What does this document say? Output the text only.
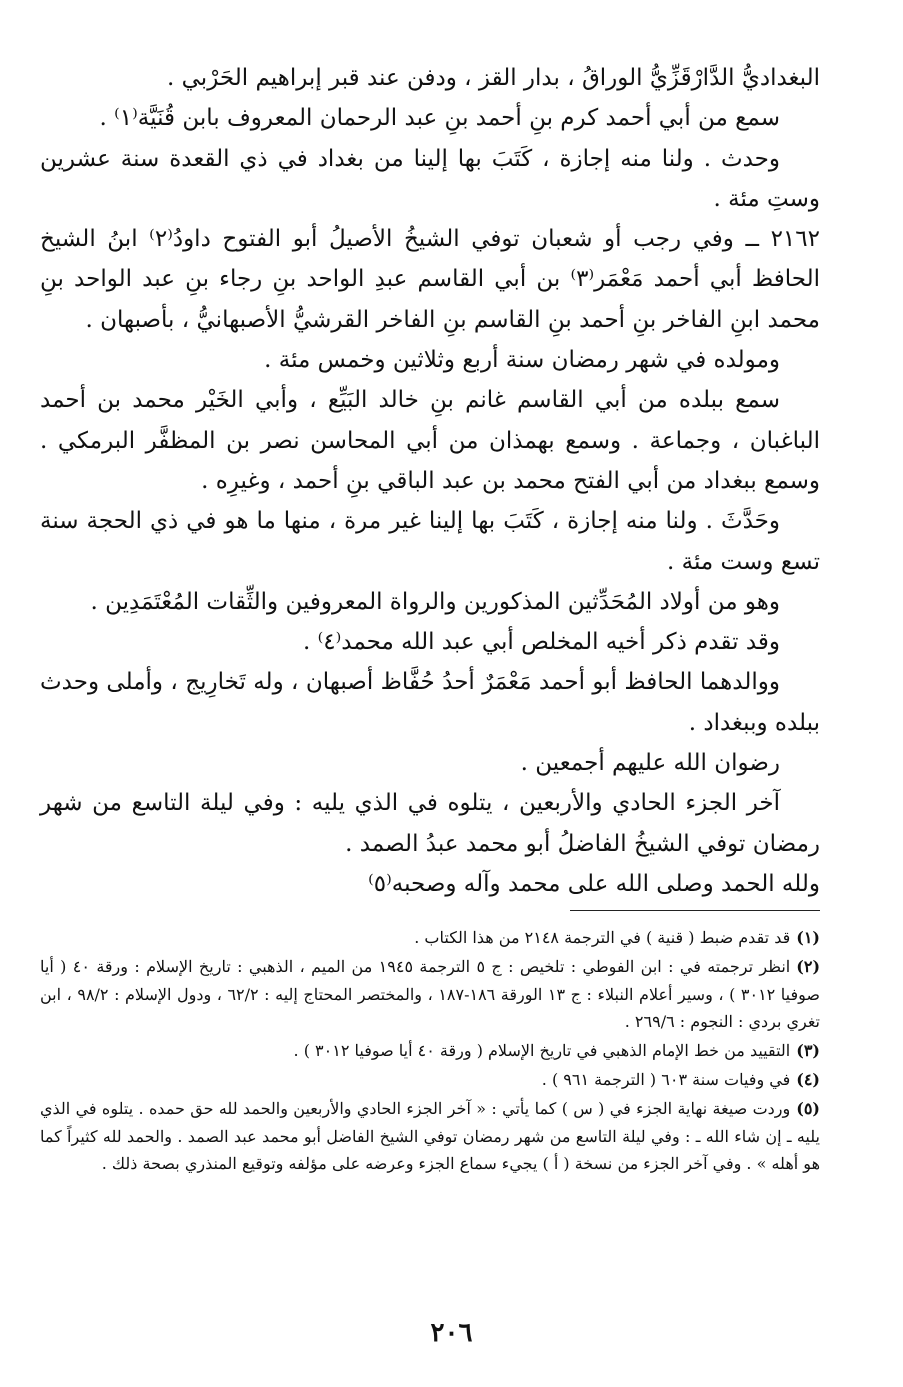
البغداديُّ الدَّارْقَزِّيُّ الوراقُ ، بدار القز ، ودفن عند قبر إبراهيم الحَرْبي .

سمع من أبي أحمد كرم بنِ أحمد بنِ عبد الرحمان المعروف بابن قُنَيَّة⁽١⁾ .

وحدث . ولنا منه إجازة ، كَتَبَ بها إلينا من بغداد في ذي القعدة سنة عشرين وستِ مئة .

٢١٦٢ ــ وفي رجب أو شعبان توفي الشيخُ الأصيلُ أبو الفتوح داودُ⁽٢⁾ ابنُ الشيخ الحافظ أبي أحمد مَعْمَر⁽٣⁾ بن أبي القاسم عبدِ الواحد بنِ رجاء بنِ عبد الواحد بنِ محمد ابنِ الفاخر بنِ أحمد بنِ القاسم بنِ الفاخر القرشيُّ الأصبهانيُّ ، بأصبهان .

ومولده في شهر رمضان سنة أربع وثلاثين وخمس مئة .

سمع ببلده من أبي القاسم غانم بنِ خالد البَيِّع ، وأبي الخَيْر محمد بن أحمد الباغبان ، وجماعة . وسمع بهمذان من أبي المحاسن نصر بن المظفَّر البرمكي . وسمع ببغداد من أبي الفتح محمد بن عبد الباقي بنِ أحمد ، وغيرِه .

وحَدَّثَ . ولنا منه إجازة ، كَتَبَ بها إلينا غير مرة ، منها ما هو في ذي الحجة سنة تسع وست مئة .

وهو من أولاد المُحَدِّثين المذكورين والرواة المعروفين والثِّقات المُعْتَمَدِين .

وقد تقدم ذكر أخيه المخلص أبي عبد الله محمد⁽٤⁾ .

ووالدهما الحافظ أبو أحمد مَعْمَرٌ أحدُ حُفَّاظ أصبهان ، وله تَخارِيج ، وأملى وحدث ببلده وببغداد .

رضوان الله عليهم أجمعين .

آخر الجزء الحادي والأربعين ، يتلوه في الذي يليه : وفي ليلة التاسع من شهر رمضان توفي الشيخُ الفاضلُ أبو محمد عبدُ الصمد .

ولله الحمد وصلى الله على محمد وآله وصحبه⁽٥⁾

(١)قد تقدم ضبط ( قنية ) في الترجمة ٢١٤٨ من هذا الكتاب .

(٢)انظر ترجمته في : ابن الفوطي : تلخيص : ج ٥ الترجمة ١٩٤٥ من الميم ، الذهبي : تاريخ الإسلام : ورقة ٤٠ ( أيا صوفيا ٣٠١٢ ) ، وسير أعلام النبلاء : ج ١٣ الورقة ١٨٦-١٨٧ ، والمختصر المحتاج إليه : ٦٢/٢ ، ودول الإسلام : ٩٨/٢ ، ابن تغري بردي : النجوم : ٢٦٩/٦ .

(٣)التقييد من خط الإمام الذهبي في تاريخ الإسلام ( ورقة ٤٠ أيا صوفيا ٣٠١٢ ) .

(٤)في وفيات سنة ٦٠٣ ( الترجمة ٩٦١ ) .

(٥)وردت صيغة نهاية الجزء في ( س ) كما يأتي : « آخر الجزء الحادي والأربعين والحمد لله حق حمده . يتلوه في الذي يليه ـ إن شاء الله ـ : وفي ليلة التاسع من شهر رمضان توفي الشيخ الفاضل أبو محمد عبد الصمد . والحمد لله كثيراً كما هو أهله » . وفي آخر الجزء من نسخة ( أ ) يجيء سماع الجزء وعرضه على مؤلفه وتوقيع المنذري بصحة ذلك .

٢٠٦
